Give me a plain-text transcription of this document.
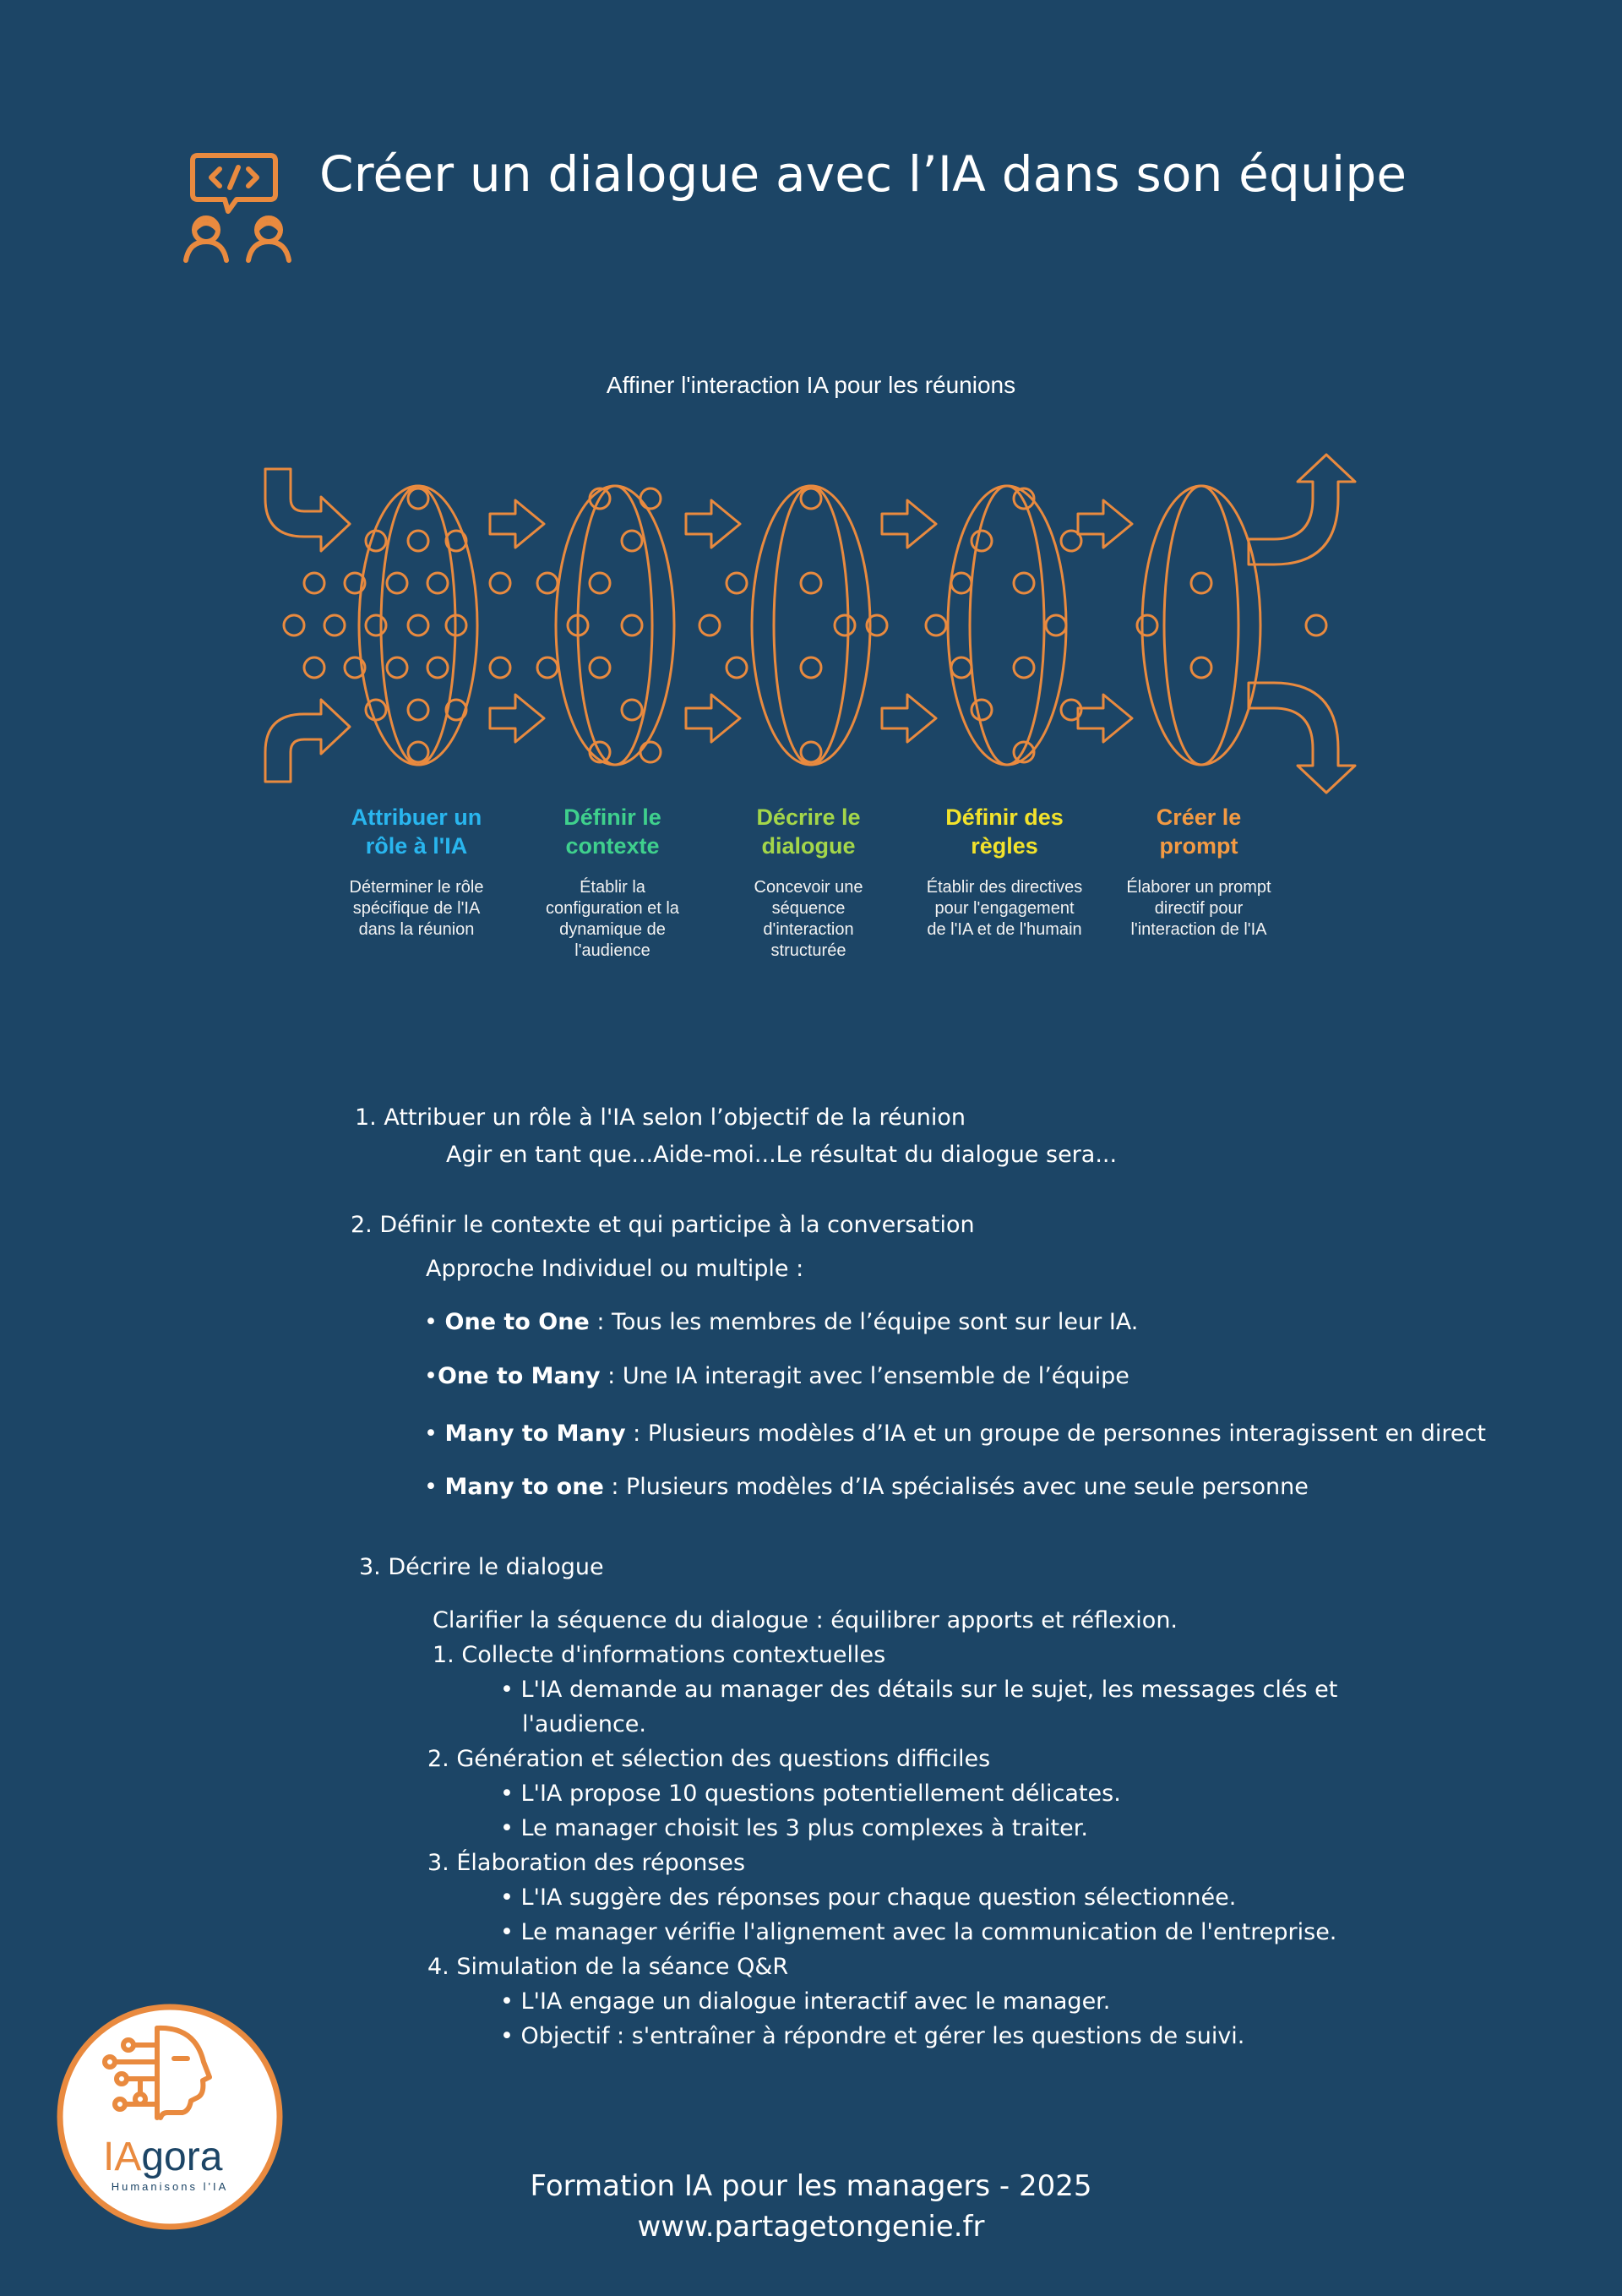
Créer un dialogue avec l’IA dans son équipe
Affiner l'interaction IA pour les réunions
Attribuer un
rôle à l'IA
Déterminer le rôle
spécifique de l'IA
dans la réunion
Définir le
contexte
Établir la
configuration et la
dynamique de
l'audience
Décrire le
dialogue
Concevoir une
séquence
d'interaction
structurée
Définir des
règles
Établir des directives
pour l'engagement
de l'IA et de l'humain
Créer le
prompt
Élaborer un prompt
directif pour
l'interaction de l'IA
1. Attribuer un rôle à l'IA selon l’objectif de la réunion
Agir en tant que...Aide-moi...Le résultat du dialogue sera...
2. Définir le contexte et qui participe à la conversation
Approche Individuel ou multiple :
• One to One : Tous les membres de l’équipe sont sur leur IA.
•One to Many : Une IA interagit avec l’ensemble de l’équipe
• Many to Many : Plusieurs modèles d’IA et un groupe de personnes interagissent en direct
• Many to one : Plusieurs modèles d’IA spécialisés avec une seule personne
3. Décrire le dialogue
Clarifier la séquence du dialogue : équilibrer apports et réflexion.
1. Collecte d'informations contextuelles
• L'IA demande au manager des détails sur le sujet, les messages clés et
l'audience.
2. Génération et sélection des questions difficiles
• L'IA propose 10 questions potentiellement délicates.
• Le manager choisit les 3 plus complexes à traiter.
3. Élaboration des réponses
• L'IA suggère des réponses pour chaque question sélectionnée.
• Le manager vérifie l'alignement avec la communication de l'entreprise.
4. Simulation de la séance Q&R
• L'IA engage un dialogue interactif avec le manager.
• Objectif : s'entraîner à répondre et gérer les questions de suivi.
IAgora
Humanisons l'IA	Formation IA pour les managers - 2025
www.partagetongenie.fr
